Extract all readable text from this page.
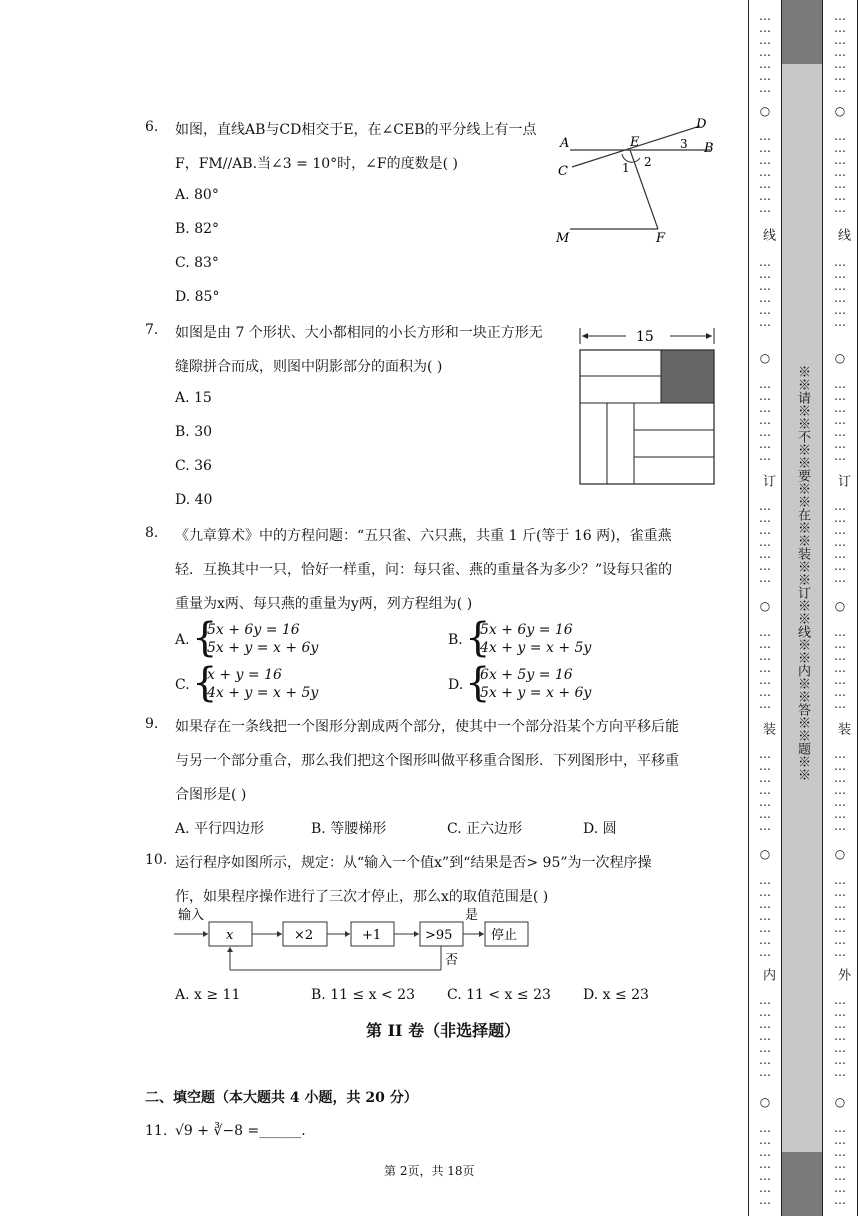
6. 如图，直线AB与CD相交于E，在∠CEB的平分线上有一点
F，FM//AB.当∠3 = 10°时，∠F的度数是( )
A. 80°
B. 82°
C. 83°
D. 85°
A	E
D
B
C	1 2
3
M	F
7. 如图是由 7 个形状、大小都相同的小长方形和一块正方形无
缝隙拼合而成，则图中阴影部分的面积为( )
A. 15
B. 30
C. 36
D. 40
15
8. 《九章算术》中的方程问题：“五只雀、六只燕，共重 1 斤(等于 16 两)，雀重燕
轻．互换其中一只，恰好一样重，问：每只雀、燕的重量各为多少？”设每只雀的
重量为x两、每只燕的重量为y两，列方程组为( )
A. {
5x + 6y = 16
5x + y = x + 6y	B. {
5x + 6y = 16
4x + y = x + 5y
C. {
x + y = 16
4x + y = x + 5y	D. {
6x + 5y = 16
5x + y = x + 6y
9. 如果存在一条线把一个图形分割成两个部分，使其中一个部分沿某个方向平移后能
与另一个部分重合，那么我们把这个图形叫做平移重合图形．下列图形中，平移重
合图形是( )
A. 平行四边形	B. 等腰梯形	C. 正六边形	D. 圆
10. 运行程序如图所示，规定：从“输入一个值x”到“结果是否> 95”为一次程序操
作，如果程序操作进行了三次才停止，那么x的取值范围是( )
输入
x	×2	+1	>95
是
停止
否
A. x ≥ 11	B. 11 ≤ x < 23 C. 11 < x ≤ 23 D. x ≤ 23
第 II 卷（非选择题）
二、填空题（本大题共 4 小题，共 20 分）
11. √9 + ∛−8 =______.
第 2页，共 18页
…
…
…
…
…
…
…
○
…
…
…
…
…
…
…
线
…
…
…
…
…
…
○
…
…
…
…
…
…
…
订
…
…
…
…
…
…
…
○
…
…
…
…
…
…
…
装
…
…
…
…
…
…
…
○
…
…
…
…
…
…
…
内
…
…
…
…
…
…
…
○
…
…
…
…
…
…
…
※※请※※不※※要※※在※※装※※订※※线※※内※※答※※题※※
…
…
…
…
…
…
…
○
…
…
…
…
…
…
…
线
…
…
…
…
…
…
○
…
…
…
…
…
…
…
订
…
…
…
…
…
…
…
○
…
…
…
…
…
…
…
装
…
…
…
…
…
…
…
○
…
…
…
…
…
…
…
外
…
…
…
…
…
…
…
○
…
…
…
…
…
…
…
